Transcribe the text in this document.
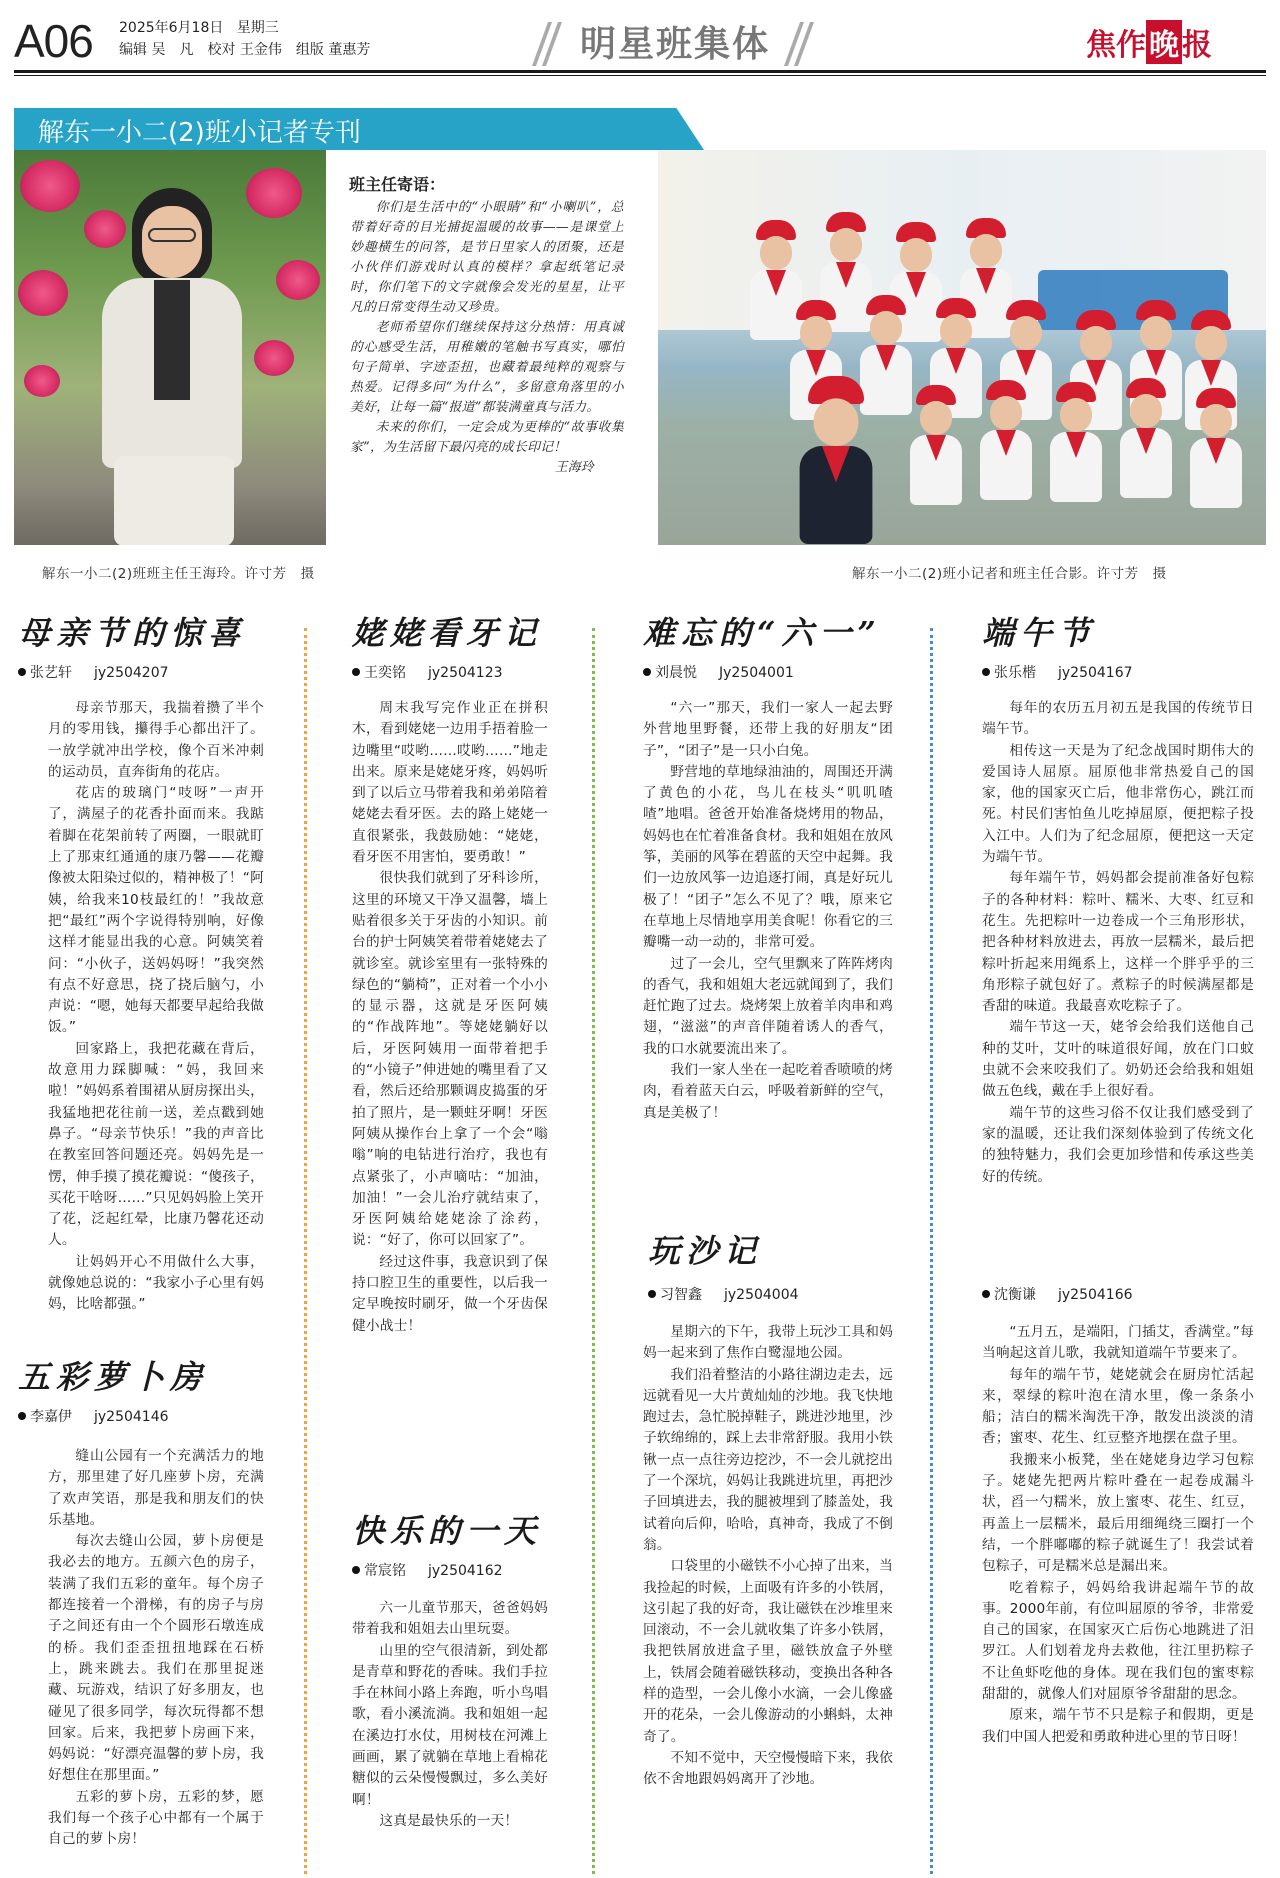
A06 2025年6月18日 星期三
编辑 吴　凡　校对 王金伟　组版 董惠芳	明星班集体	焦作 晚 报
解东一小二(2)班小记者专刊
班主任寄语：

你们是生活中的“小眼睛”和“小喇叭”，总带着好奇的目光捕捉温暖的故事——是课堂上妙趣横生的问答，是节日里家人的团聚，还是小伙伴们游戏时认真的模样？拿起纸笔记录时，你们笔下的文字就像会发光的星星，让平凡的日常变得生动又珍贵。

老师希望你们继续保持这分热情：用真诚的心感受生活，用稚嫩的笔触书写真实，哪怕句子简单、字迹歪扭，也藏着最纯粹的观察与热爱。记得多问“为什么”，多留意角落里的小美好，让每一篇“报道”都装满童真与活力。

未来的你们，一定会成为更棒的“故事收集家”，为生活留下最闪亮的成长印记！

王海玲
解东一小二(2)班班主任王海玲。许寸芳　摄	解东一小二(2)班小记者和班主任合影。许寸芳　摄
母亲节的惊喜
张艺轩 jy2504207

母亲节那天，我揣着攒了半个月的零用钱，攥得手心都出汗了。一放学就冲出学校，像个百米冲刺的运动员，直奔街角的花店。

花店的玻璃门“吱呀”一声开了，满屋子的花香扑面而来。我踮着脚在花架前转了两圈，一眼就盯上了那束红通通的康乃馨——花瓣像被太阳染过似的，精神极了！“阿姨，给我来10枝最红的！”我故意把“最红”两个字说得特别响，好像这样才能显出我的心意。阿姨笑着问：“小伙子，送妈妈呀！”我突然有点不好意思，挠了挠后脑勺，小声说：“嗯，她每天都要早起给我做饭。”

回家路上，我把花藏在背后，故意用力踩脚喊：“妈，我回来啦！”妈妈系着围裙从厨房探出头，我猛地把花往前一送，差点戳到她鼻子。“母亲节快乐！”我的声音比在教室回答问题还亮。妈妈先是一愣，伸手摸了摸花瓣说：“傻孩子，买花干啥呀……”只见妈妈脸上笑开了花，泛起红晕，比康乃馨花还动人。

让妈妈开心不用做什么大事，就像她总说的：“我家小子心里有妈妈，比啥都强。”

五彩萝卜房
李嘉伊 jy2504146

缝山公园有一个充满活力的地方，那里建了好几座萝卜房，充满了欢声笑语，那是我和朋友们的快乐基地。

每次去缝山公园，萝卜房便是我必去的地方。五颜六色的房子，装满了我们五彩的童年。每个房子都连接着一个滑梯，有的房子与房子之间还有由一个个圆形石墩连成的桥。我们歪歪扭扭地踩在石桥上，跳来跳去。我们在那里捉迷藏、玩游戏，结识了好多朋友，也碰见了很多同学，每次玩得都不想回家。后来，我把萝卜房画下来，妈妈说：“好漂亮温馨的萝卜房，我好想住在那里面。”

五彩的萝卜房，五彩的梦，愿我们每一个孩子心中都有一个属于自己的萝卜房！

姥姥看牙记
王奕铭 jy2504123

周末我写完作业正在拼积木，看到姥姥一边用手捂着脸一边嘴里“哎哟……哎哟……”地走出来。原来是姥姥牙疼，妈妈听到了以后立马带着我和弟弟陪着姥姥去看牙医。去的路上姥姥一直很紧张，我鼓励她：“姥姥，看牙医不用害怕，要勇敢！”

很快我们就到了牙科诊所，这里的环境又干净又温馨，墙上贴着很多关于牙齿的小知识。前台的护士阿姨笑着带着姥姥去了就诊室。就诊室里有一张特殊的绿色的“躺椅”，正对着一个小小的显示器，这就是牙医阿姨的“作战阵地”。等姥姥躺好以后，牙医阿姨用一面带着把手的“小镜子”伸进她的嘴里看了又看，然后还给那颗调皮捣蛋的牙拍了照片，是一颗蛀牙啊！牙医阿姨从操作台上拿了一个会“嗡嗡”响的电钻进行治疗，我也有点紧张了，小声嘀咕：“加油，加油！”一会儿治疗就结束了，牙医阿姨给姥姥涂了涂药，说：“好了，你可以回家了”。

经过这件事，我意识到了保持口腔卫生的重要性，以后我一定早晚按时刷牙，做一个牙齿保健小战士！

快乐的一天
常宸铭 jy2504162

六一儿童节那天，爸爸妈妈带着我和姐姐去山里玩耍。

山里的空气很清新，到处都是青草和野花的香味。我们手拉手在林间小路上奔跑，听小鸟唱歌，看小溪流淌。我和姐姐一起在溪边打水仗，用树枝在河滩上画画，累了就躺在草地上看棉花糖似的云朵慢慢飘过，多么美好啊！

这真是最快乐的一天！

难忘的“六一”
刘晨悦 Jy2504001

“六一”那天，我们一家人一起去野外营地里野餐，还带上我的好朋友“团子”，“团子”是一只小白兔。

野营地的草地绿油油的，周围还开满了黄色的小花，鸟儿在枝头“叽叽喳喳”地唱。爸爸开始准备烧烤用的物品，妈妈也在忙着准备食材。我和姐姐在放风筝，美丽的风筝在碧蓝的天空中起舞。我们一边放风筝一边追逐打闹，真是好玩儿极了！“团子”怎么不见了？哦，原来它在草地上尽情地享用美食呢！你看它的三瓣嘴一动一动的，非常可爱。

过了一会儿，空气里飘来了阵阵烤肉的香气，我和姐姐大老远就闻到了，我们赶忙跑了过去。烧烤架上放着羊肉串和鸡翅，“滋滋”的声音伴随着诱人的香气，我的口水就要流出来了。

我们一家人坐在一起吃着香喷喷的烤肉，看着蓝天白云，呼吸着新鲜的空气，真是美极了！

玩沙记
习智鑫 jy2504004

星期六的下午，我带上玩沙工具和妈妈一起来到了焦作白鹭湿地公园。

我们沿着整洁的小路往湖边走去，远远就看见一大片黄灿灿的沙地。我飞快地跑过去，急忙脱掉鞋子，跳进沙地里，沙子软绵绵的，踩上去非常舒服。我用小铁锹一点一点往旁边挖沙，不一会儿就挖出了一个深坑，妈妈让我跳进坑里，再把沙子回填进去，我的腿被埋到了膝盖处，我试着向后仰，哈哈，真神奇，我成了不倒翁。

口袋里的小磁铁不小心掉了出来，当我捡起的时候，上面吸有许多的小铁屑，这引起了我的好奇，我让磁铁在沙堆里来回滚动，不一会儿就收集了许多小铁屑，我把铁屑放进盒子里，磁铁放盒子外壁上，铁屑会随着磁铁移动，变换出各种各样的造型，一会儿像小水滴，一会儿像盛开的花朵，一会儿像游动的小蝌蚪，太神奇了。

不知不觉中，天空慢慢暗下来，我依依不舍地跟妈妈离开了沙地。

端午节
张乐楷 jy2504167

每年的农历五月初五是我国的传统节日端午节。

相传这一天是为了纪念战国时期伟大的爱国诗人屈原。屈原他非常热爱自己的国家，他的国家灭亡后，他非常伤心，跳江而死。村民们害怕鱼儿吃掉屈原，便把粽子投入江中。人们为了纪念屈原，便把这一天定为端午节。

每年端午节，妈妈都会提前准备好包粽子的各种材料：粽叶、糯米、大枣、红豆和花生。先把粽叶一边卷成一个三角形形状，把各种材料放进去，再放一层糯米，最后把粽叶折起来用绳系上，这样一个胖乎乎的三角形粽子就包好了。煮粽子的时候满屋都是香甜的味道。我最喜欢吃粽子了。

端午节这一天，姥爷会给我们送他自己种的艾叶，艾叶的味道很好闻，放在门口蚊虫就不会来咬我们了。奶奶还会给我和姐姐做五色线，戴在手上很好看。

端午节的这些习俗不仅让我们感受到了家的温暖，还让我们深刻体验到了传统文化的独特魅力，我们会更加珍惜和传承这些美好的传统。

沈衡谦 jy2504166

“五月五，是端阳，门插艾，香满堂。”每当响起这首儿歌，我就知道端午节要来了。

每年的端午节，姥姥就会在厨房忙活起来，翠绿的粽叶泡在清水里，像一条条小船；洁白的糯米淘洗干净，散发出淡淡的清香；蜜枣、花生、红豆整齐地摆在盘子里。

我搬来小板凳，坐在姥姥身边学习包粽子。姥姥先把两片粽叶叠在一起卷成漏斗状，舀一勺糯米，放上蜜枣、花生、红豆，再盖上一层糯米，最后用细绳绕三圈打一个结，一个胖嘟嘟的粽子就诞生了！我尝试着包粽子，可是糯米总是漏出来。

吃着粽子，妈妈给我讲起端午节的故事。2000年前，有位叫屈原的爷爷，非常爱自己的国家，在国家灭亡后伤心地跳进了汨罗江。人们划着龙舟去救他，往江里扔粽子不让鱼虾吃他的身体。现在我们包的蜜枣粽甜甜的，就像人们对屈原爷爷甜甜的思念。

原来，端午节不只是粽子和假期，更是我们中国人把爱和勇敢种进心里的节日呀！
